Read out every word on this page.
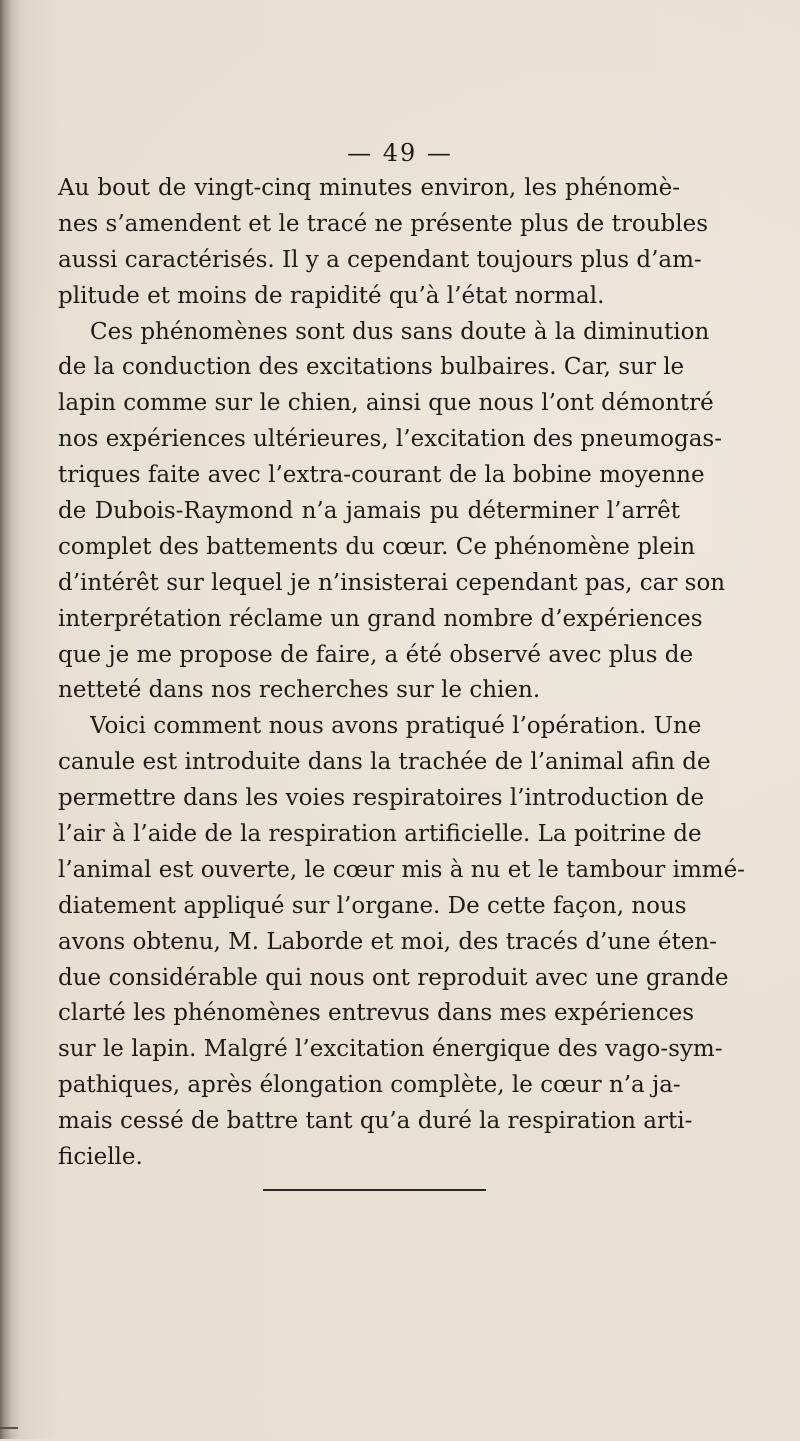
— 49 —
Au bout de vingt-cinq minutes environ, les phénomè-
nes s’amendent et le tracé ne présente plus de troubles
aussi caractérisés. Il y a cependant toujours plus d’am-
plitude et moins de rapidité qu’à l’état normal.
Ces phénomènes sont dus sans doute à la diminution
de la conduction des excitations bulbaires. Car, sur le
lapin comme sur le chien, ainsi que nous l’ont démontré
nos expériences ultérieures, l’excitation des pneumogas-
triques faite avec l’extra-courant de la bobine moyenne
de Dubois-Raymond n’a jamais pu déterminer l’arrêt
complet des battements du cœur. Ce phénomène plein
d’intérêt sur lequel je n’insisterai cependant pas, car son
interprétation réclame un grand nombre d’expériences
que je me propose de faire, a été observé avec plus de
netteté dans nos recherches sur le chien.
Voici comment nous avons pratiqué l’opération. Une
canule est introduite dans la trachée de l’animal afin de
permettre dans les voies respiratoires l’introduction de
l’air à l’aide de la respiration artificielle. La poitrine de
l’animal est ouverte, le cœur mis à nu et le tambour immé-
diatement appliqué sur l’organe. De cette façon, nous
avons obtenu, M. Laborde et moi, des tracés d’une éten-
due considérable qui nous ont reproduit avec une grande
clarté les phénomènes entrevus dans mes expériences
sur le lapin. Malgré l’excitation énergique des vago-sym-
pathiques, après élongation complète, le cœur n’a ja-
mais cessé de battre tant qu’a duré la respiration arti-
ficielle.
